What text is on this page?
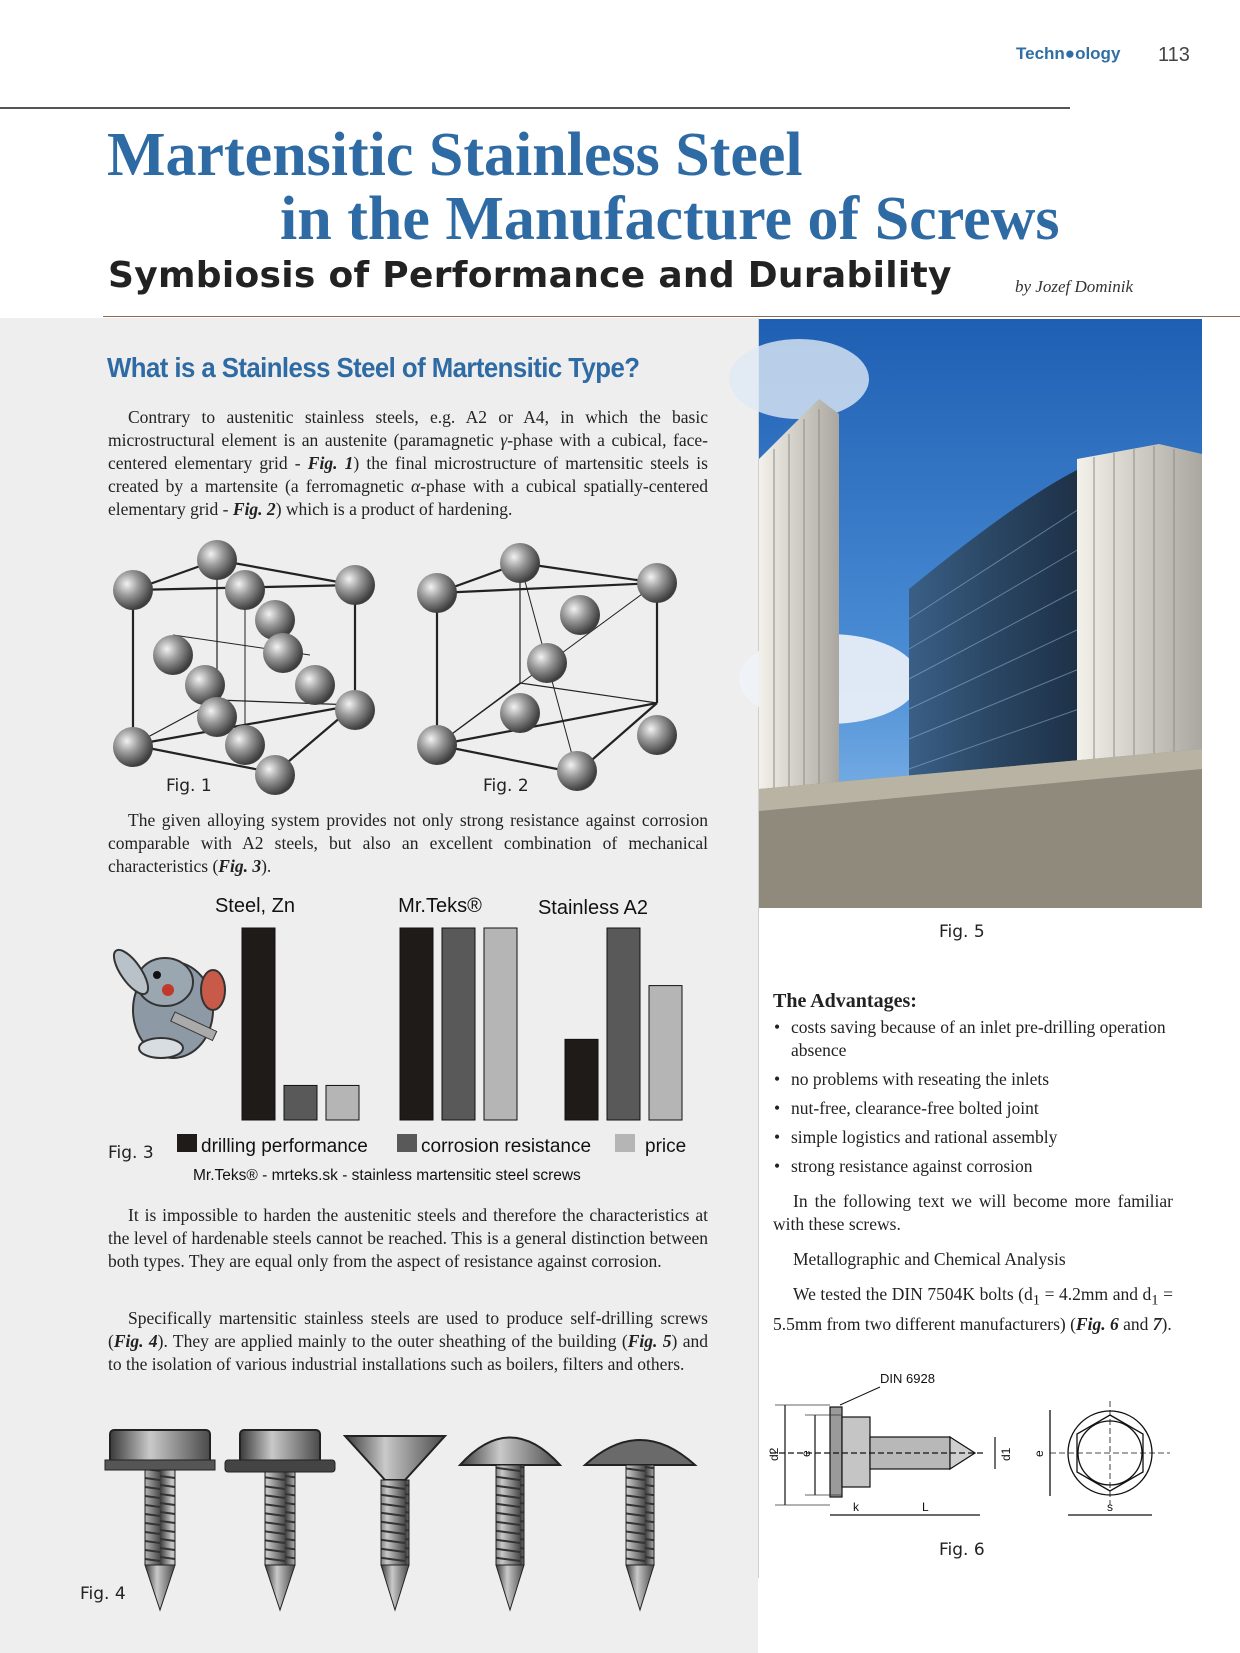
Techn●ology 113
Martensitic Stainless Steel
in the Manufacture of Screws
Symbiosis of Performance and Durability	by Jozef Dominik
What is a Stainless Steel of Martensitic Type?
Contrary to austenitic stainless steels, e.g. A2 or A4, in which the basic microstructural element is an austenite (paramagnetic γ-phase with a cubical, face-centered elementary grid - Fig. 1) the final microstructure of martensitic steels is created by a martensite (a ferromagnetic α-phase with a cubical spatially-centered elementary grid - Fig. 2) which is a product of hardening.
Fig. 1	Fig. 2
The given alloying system provides not only strong resistance against corrosion comparable with A2 steels, but also an excellent combination of mechanical characteristics (Fig. 3).
Steel, Zn	Mr.Teks®	Stainless A2
drilling performance	corrosion resistance	price
Mr.Teks® - mrteks.sk - stainless martensitic steel screws
Fig. 3
It is impossible to harden the austenitic steels and therefore the characteristics at the level of hardenable steels cannot be reached. This is a general distinction between both types. They are equal only from the aspect of resistance against corrosion.
Specifically martensitic stainless steels are used to produce self-drilling screws (Fig. 4). They are applied mainly to the outer sheathing of the building (Fig. 5) and to the isolation of various industrial installations such as boilers, filters and others.
Fig. 4
Fig. 5
The Advantages:
• costs saving because of an inlet pre-drilling operation absence
• no problems with reseating the inlets
• nut-free, clearance-free bolted joint
• simple logistics and rational assembly
• strong resistance against corrosion
In the following text we will become more familiar with these screws.
Metallographic and Chemical Analysis
We tested the DIN 7504K bolts ($d_1 = 4.2mm$ and $d_1 = 5.5mm$ from two different manufacturers) (Fig. 6 and 7).
DIN 6928
d2 e	d1
k	L
e
s
Fig. 6
